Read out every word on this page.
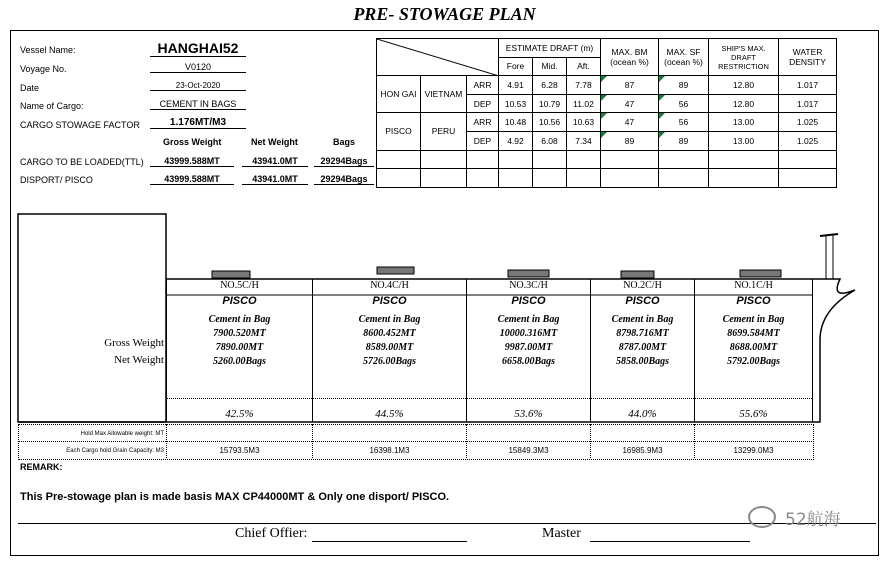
PRE- STOWAGE PLAN
Vessel Name:	HANGHAI52
Voyage No.	V0120
Date	23-Oct-2020
Name of Cargo:	CEMENT IN BAGS
CARGO STOWAGE FACTOR	1.176MT/M3
Gross Weight	Net Weight	Bags
CARGO TO BE LOADED(TTL)	43999.588MT	43941.0MT	29294Bags
DISPORT/ PISCO	43999.588MT	43941.0MT	29294Bags
	ESTIMATE DRAFT (m)			MAX. BM (ocean %)	MAX. SF (ocean %)	SHIP'S MAX. DRAFT RESTRICTION	WATER DENSITY
			Fore	Mid.	Aft.				
HON GAI	VIETNAM	ARR	4.91	6.28	7.78	87	89	12.80	1.017
		DEP	10.53	10.79	11.02	47	56	12.80	1.017
PISCO	PERU	ARR	10.48	10.56	10.63	47	56	13.00	1.025
		DEP	4.92	6.08	7.34	89	89	13.00	1.025

Gross Weight
Net Weight
NO.5C/H
PISCO
Cement in Bag
7900.520MT
7890.00MT
5260.00Bags
42.5%
NO.4C/H
PISCO
Cement in Bag
8600.452MT
8589.00MT
5726.00Bags
44.5%
NO.3C/H
PISCO
Cement in Bag
10000.316MT
9987.00MT
6658.00Bags
53.6%
NO.2C/H
PISCO
Cement in Bag
8798.716MT
8787.00MT
5858.00Bags
44.0%
NO.1C/H
PISCO
Cement in Bag
8699.584MT
8688.00MT
5792.00Bags
55.6%
Hold Max Allowable weight: MT
Each Cargo hold Grain Capacity: M3	15793.5M3	16398.1M3	15849.3M3	16985.9M3	13299.0M3
REMARK:
This Pre-stowage plan is made basis MAX CP44000MT & Only one disport/ PISCO.
Chief Offier:	Master
52航海
